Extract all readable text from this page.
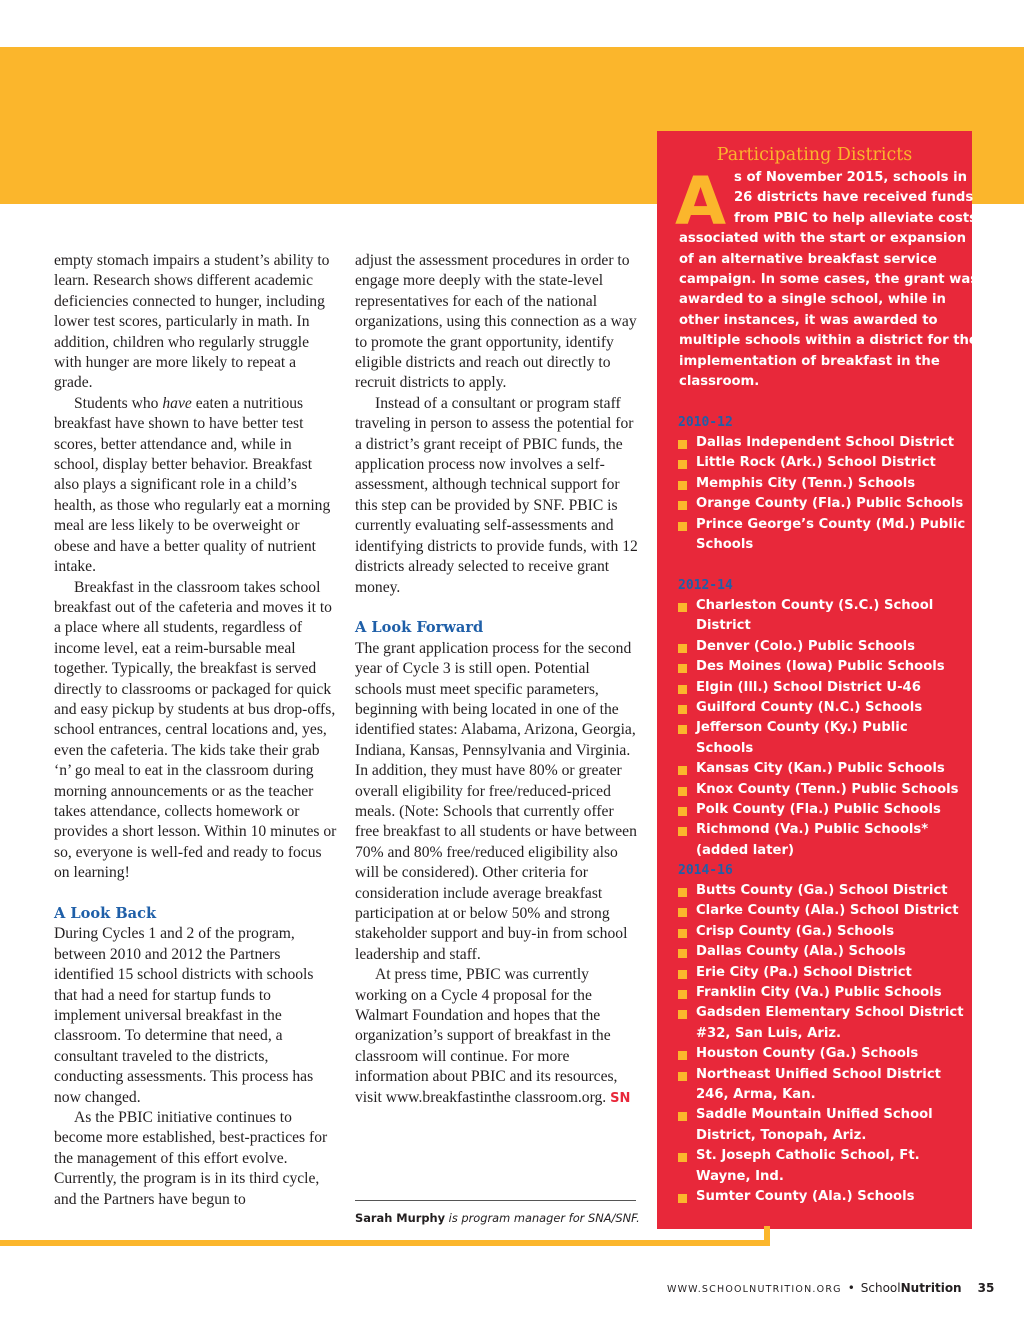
empty stomach impairs a student’s ability to learn. Research shows different academic deficiencies connected to hunger, including lower test scores, particularly in math. In addition, children who regularly struggle with hunger are more likely to repeat a grade.

Students who have eaten a nutritious breakfast have shown to have better test scores, better attendance and, while in school, display better behavior. Breakfast also plays a significant role in a child’s health, as those who regularly eat a morning meal are less likely to be overweight or obese and have a better quality of nutrient intake.

Breakfast in the classroom takes school breakfast out of the cafeteria and moves it to a place where all students, regardless of income level, eat a reim-bursable meal together. Typically, the breakfast is served directly to classrooms or packaged for quick and easy pickup by students at bus drop-offs, school entrances, central locations and, yes, even the cafeteria. The kids take their grab ‘n’ go meal to eat in the classroom during morning announcements or as the teacher takes attendance, collects homework or provides a short lesson. Within 10 minutes or so, everyone is well-fed and ready to focus on learning!

A Look Back

During Cycles 1 and 2 of the program, between 2010 and 2012 the Partners identified 15 school districts with schools that had a need for startup funds to implement universal breakfast in the classroom. To determine that need, a consultant traveled to the districts, conducting assessments. This process has now changed.

As the PBIC initiative continues to become more established, best-practices for the management of this effort evolve. Currently, the program is in its third cycle, and the Partners have begun to

adjust the assessment procedures in order to engage more deeply with the state-level representatives for each of the national organizations, using this connection as a way to promote the grant opportunity, identify eligible districts and reach out directly to recruit districts to apply.

Instead of a consultant or program staff traveling in person to assess the potential for a district’s grant receipt of PBIC funds, the application process now involves a self-assessment, although technical support for this step can be provided by SNF. PBIC is currently evaluating self-assessments and identifying districts to provide funds, with 12 districts already selected to receive grant money.

A Look Forward

The grant application process for the second year of Cycle 3 is still open. Potential schools must meet specific parameters, beginning with being located in one of the identified states: Alabama, Arizona, Georgia, Indiana, Kansas, Pennsylvania and Virginia. In addition, they must have 80% or greater overall eligibility for free/reduced-priced meals. (Note: Schools that currently offer free breakfast to all students or have between 70% and 80% free/reduced eligibility also will be considered). Other criteria for consideration include average breakfast participation at or below 50% and strong stakeholder support and buy-in from school leadership and staff.

At press time, PBIC was currently working on a Cycle 4 proposal for the Walmart Foundation and hopes that the organization’s support of breakfast in the classroom will continue. For more information about PBIC and its resources, visit www.breakfastinthe classroom.org. SN

Sarah Murphy is program manager for SNA/SNF.
Participating Districts
A s of November 2015, schools in
26 districts have received funds
from PBIC to help alleviate costs
associated with the start or expansion
of an alternative breakfast service
campaign. In some cases, the grant was
awarded to a single school, while in
other instances, it was awarded to
multiple schools within a district for the
implementation of breakfast in the
classroom.
2010-12
Dallas Independent School District
Little Rock (Ark.) School District
Memphis City (Tenn.) Schools
Orange County (Fla.) Public Schools
Prince George’s County (Md.) Public Schools
2012-14
Charleston County (S.C.) School District
Denver (Colo.) Public Schools
Des Moines (Iowa) Public Schools
Elgin (Ill.) School District U-46
Guilford County (N.C.) Schools
Jefferson County (Ky.) Public Schools
Kansas City (Kan.) Public Schools
Knox County (Tenn.) Public Schools
Polk County (Fla.) Public Schools
Richmond (Va.) Public Schools* (added later)
2014-16
Butts County (Ga.) School District
Clarke County (Ala.) School District
Crisp County (Ga.) Schools
Dallas County (Ala.) Schools
Erie City (Pa.) School District
Franklin City (Va.) Public Schools
Gadsden Elementary School District #32, San Luis, Ariz.
Houston County (Ga.) Schools
Northeast Unified School District 246, Arma, Kan.
Saddle Mountain Unified School District, Tonopah, Ariz.
St. Joseph Catholic School, Ft. Wayne, Ind.
Sumter County (Ala.) Schools
WWW.SCHOOLNUTRITION.ORG • SchoolNutrition 35
